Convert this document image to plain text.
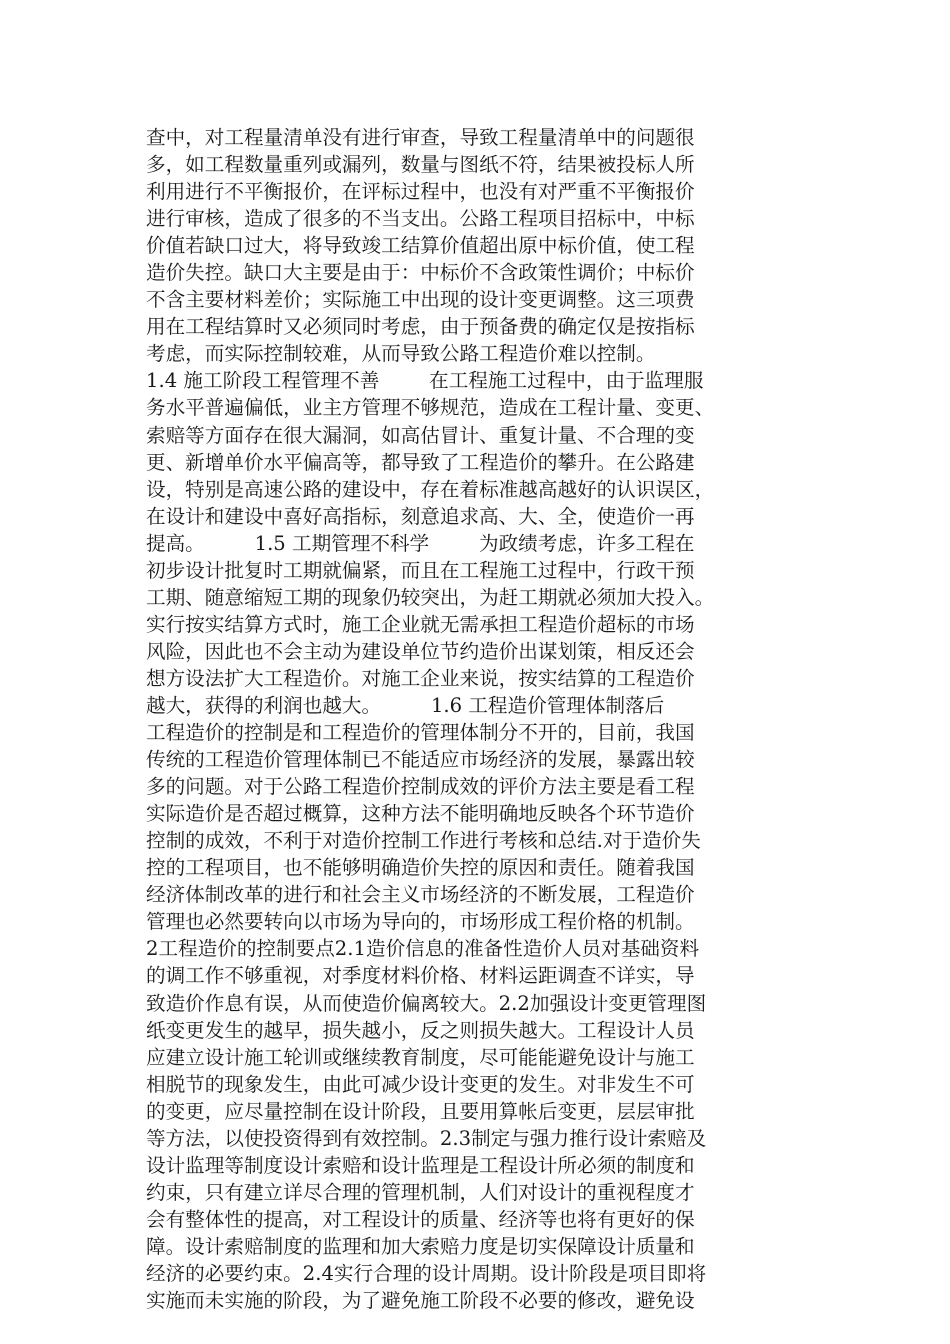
查中，对工程量清单没有进行审查，导致工程量清单中的问题很
多，如工程数量重列或漏列，数量与图纸不符，结果被投标人所
利用进行不平衡报价，在评标过程中，也没有对严重不平衡报价
进行审核，造成了很多的不当支出。公路工程项目招标中，中标
价值若缺口过大，将导致竣工结算价值超出原中标价值，使工程
造价失控。缺口大主要是由于：中标价不含政策性调价；中标价
不含主要材料差价；实际施工中出现的设计变更调整。这三项费
用在工程结算时又必须同时考虑，由于预备费的确定仅是按指标
考虑，而实际控制较难，从而导致公路工程造价难以控制。
1.4 施工阶段工程管理不善        在工程施工过程中，由于监理服
务水平普遍偏低，业主方管理不够规范，造成在工程计量、变更、
索赔等方面存在很大漏洞，如高估冒计、重复计量、不合理的变
更、新增单价水平偏高等，都导致了工程造价的攀升。在公路建
设，特别是高速公路的建设中，存在着标准越高越好的认识误区，
在设计和建设中喜好高指标，刻意追求高、大、全，使造价一再
提高。        1.5 工期管理不科学        为政绩考虑，许多工程在
初步设计批复时工期就偏紧，而且在工程施工过程中，行政干预
工期、随意缩短工期的现象仍较突出，为赶工期就必须加大投入。
实行按实结算方式时，施工企业就无需承担工程造价超标的市场
风险，因此也不会主动为建设单位节约造价出谋划策，相反还会
想方设法扩大工程造价。对施工企业来说，按实结算的工程造价
越大，获得的利润也越大。        1.6 工程造价管理体制落后
工程造价的控制是和工程造价的管理体制分不开的，目前，我国
传统的工程造价管理体制已不能适应市场经济的发展，暴露出较
多的问题。对于公路工程造价控制成效的评价方法主要是看工程
实际造价是否超过概算，这种方法不能明确地反映各个环节造价
控制的成效，不利于对造价控制工作进行考核和总结.对于造价失
控的工程项目，也不能够明确造价失控的原因和责任。随着我国
经济体制改革的进行和社会主义市场经济的不断发展，工程造价
管理也必然要转向以市场为导向的，市场形成工程价格的机制。
2工程造价的控制要点2.1造价信息的准备性造价人员对基础资料
的调工作不够重视，对季度材料价格、材料运距调查不详实，导
致造价作息有误，从而使造价偏离较大。2.2加强设计变更管理图
纸变更发生的越早，损失越小，反之则损失越大。工程设计人员
应建立设计施工轮训或继续教育制度，尽可能能避免设计与施工
相脱节的现象发生，由此可减少设计变更的发生。对非发生不可
的变更，应尽量控制在设计阶段，且要用算帐后变更，层层审批
等方法，以使投资得到有效控制。2.3制定与强力推行设计索赔及
设计监理等制度设计索赔和设计监理是工程设计所必须的制度和
约束，只有建立详尽合理的管理机制，人们对设计的重视程度才
会有整体性的提高，对工程设计的质量、经济等也将有更好的保
障。设计索赔制度的监理和加大索赔力度是切实保障设计质量和
经济的必要约束。2.4实行合理的设计周期。设计阶段是项目即将
实施而未实施的阶段，为了避免施工阶段不必要的修改，避免设
